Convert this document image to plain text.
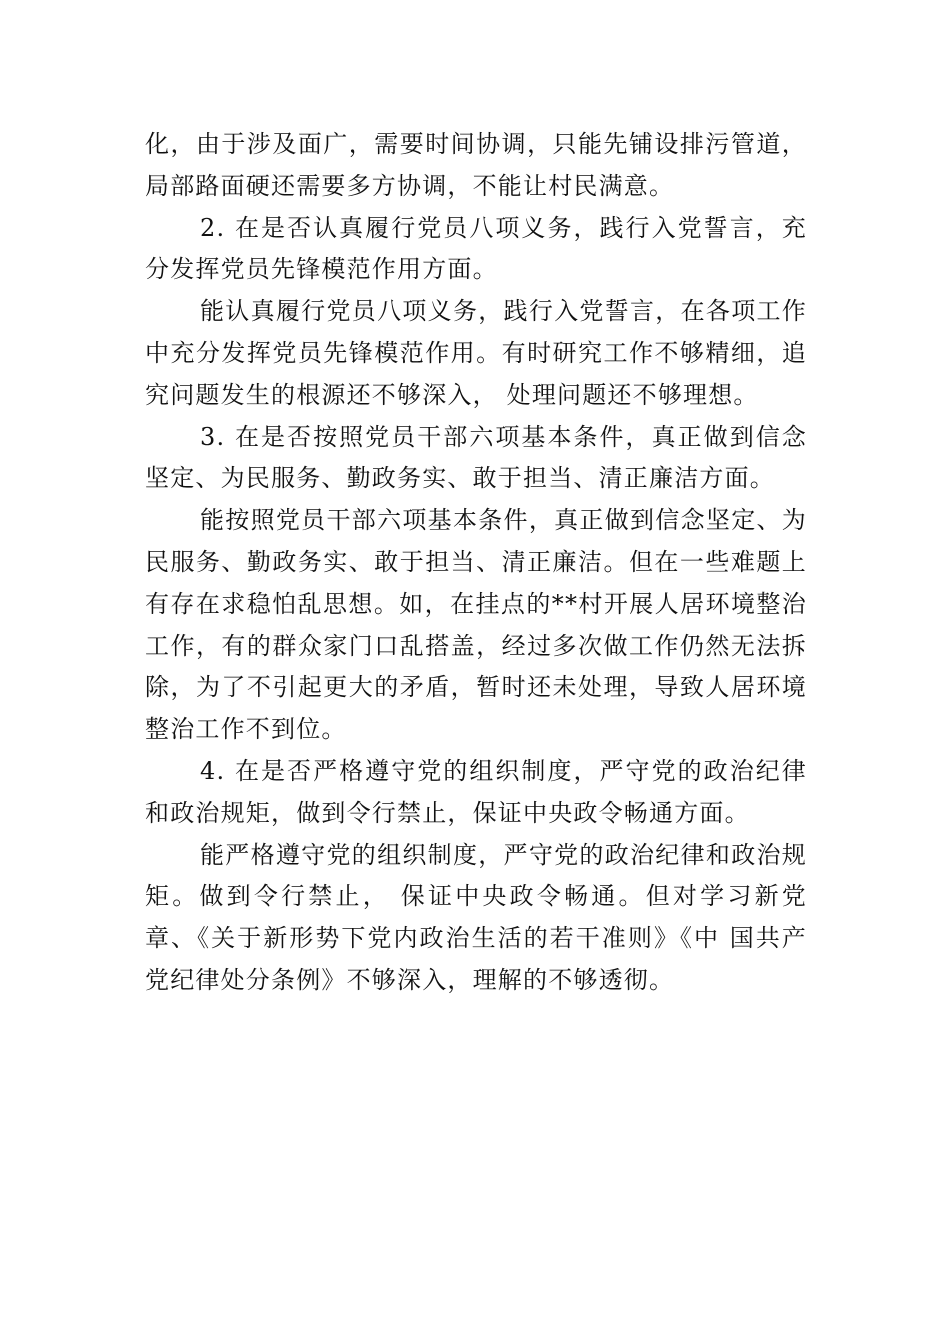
化，由于涉及面广，需要时间协调，只能先铺设排污管道，局部路面硬还需要多方协调，不能让村民满意。

2. 在是否认真履行党员八项义务，践行入党誓言，充分发挥党员先锋模范作用方面。

能认真履行党员八项义务，践行入党誓言，在各项工作中充分发挥党员先锋模范作用。有时研究工作不够精细，追究问题发生的根源还不够深入， 处理问题还不够理想。

3. 在是否按照党员干部六项基本条件，真正做到信念坚定、为民服务、勤政务实、敢于担当、清正廉洁方面。

能按照党员干部六项基本条件，真正做到信念坚定、为民服务、勤政务实、敢于担当、清正廉洁。但在一些难题上有存在求稳怕乱思想。如，在挂点的**村开展人居环境整治工作，有的群众家门口乱搭盖，经过多次做工作仍然无法拆除，为了不引起更大的矛盾，暂时还未处理，导致人居环境整治工作不到位。

4. 在是否严格遵守党的组织制度，严守党的政治纪律和政治规矩，做到令行禁止，保证中央政令畅通方面。

能严格遵守党的组织制度，严守党的政治纪律和政治规矩。做到令行禁止， 保证中央政令畅通。但对学习新党章、《关于新形势下党内政治生活的若干准则》《中 国共产党纪律处分条例》不够深入，理解的不够透彻。
